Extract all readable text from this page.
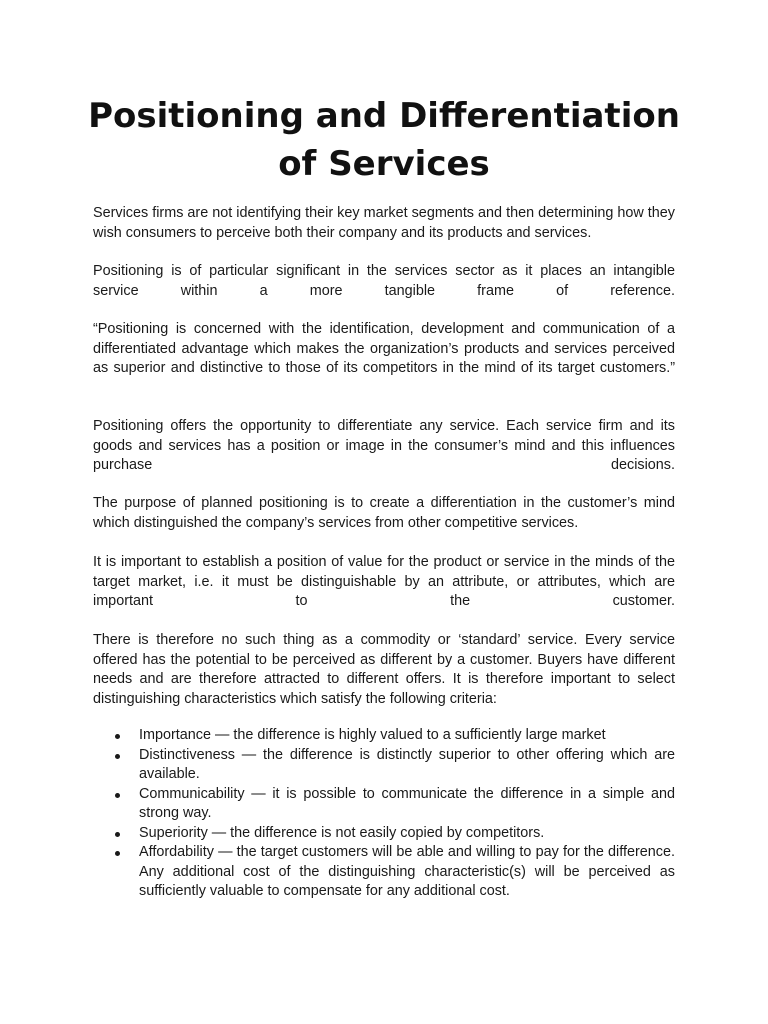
Positioning and Differentiation
of Services

Services firms are not identifying their key market segments and then determining how they wish consumers to perceive both their company and its products and services.

Positioning is of particular significant in the services sector as it places an intangible service within a more tangible frame of reference.

“Positioning is concerned with the identification, development and communication of a differentiated advantage which makes the organization’s products and services perceived as superior and distinctive to those of its competitors in the mind of its target customers.”

Positioning offers the opportunity to differentiate any service. Each service firm and its goods and services has a position or image in the consumer’s mind and this influences purchase decisions.

The purpose of planned positioning is to create a differentiation in the customer’s mind which distinguished the company’s services from other competitive services.

It is important to establish a position of value for the product or service in the minds of the target market, i.e. it must be distinguishable by an attribute, or attributes, which are important to the customer.

There is therefore no such thing as a commodity or ‘standard’ service. Every service offered has the potential to be perceived as different by a customer. Buyers have different needs and are therefore attracted to different offers. It is therefore important to select distinguishing characteristics which satisfy the following criteria:

Importance — the difference is highly valued to a sufficiently large market
Distinctiveness — the difference is distinctly superior to other offering which are available.
Communicability — it is possible to communicate the difference in a simple and strong way.
Superiority — the difference is not easily copied by competitors.
Affordability — the target customers will be able and willing to pay for the difference. Any additional cost of the distinguishing characteristic(s) will be perceived as sufficiently valuable to compensate for any additional cost.
